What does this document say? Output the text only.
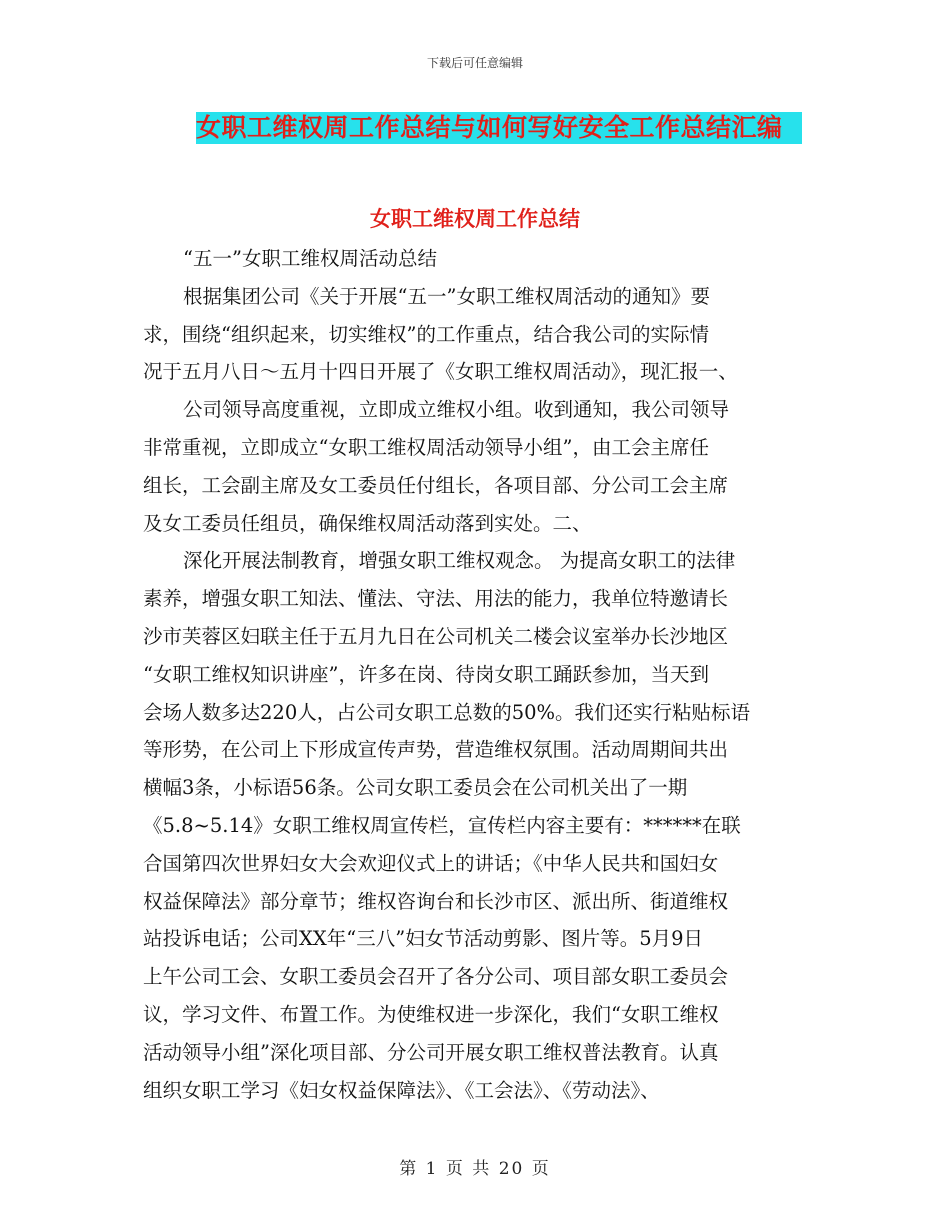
下载后可任意编辑
女职工维权周工作总结与如何写好安全工作总结汇编
女职工维权周工作总结
“五一”女职工维权周活动总结
根据集团公司《关于开展“五一”女职工维权周活动的通知》要
求，围绕“组织起来，切实维权”的工作重点，结合我公司的实际情
况于五月八日～五月十四日开展了《女职工维权周活动》，现汇报一、
公司领导高度重视，立即成立维权小组。收到通知，我公司领导
非常重视，立即成立“女职工维权周活动领导小组”，由工会主席任
组长，工会副主席及女工委员任付组长，各项目部、分公司工会主席
及女工委员任组员，确保维权周活动落到实处。二、
深化开展法制教育，增强女职工维权观念。 为提高女职工的法律
素养，增强女职工知法、懂法、守法、用法的能力，我单位特邀请长
沙市芙蓉区妇联主任于五月九日在公司机关二楼会议室举办长沙地区
“女职工维权知识讲座”，许多在岗、待岗女职工踊跃参加，当天到
会场人数多达220人，占公司女职工总数的50%。我们还实行粘贴标语
等形势，在公司上下形成宣传声势，营造维权氛围。活动周期间共出
横幅3条，小标语56条。公司女职工委员会在公司机关出了一期
《5.8~5.14》女职工维权周宣传栏，宣传栏内容主要有：******在联
合国第四次世界妇女大会欢迎仪式上的讲话；《中华人民共和国妇女
权益保障法》部分章节；维权咨询台和长沙市区、派出所、街道维权
站投诉电话；公司XX年“三八”妇女节活动剪影、图片等。5月9日
上午公司工会、女职工委员会召开了各分公司、项目部女职工委员会
议，学习文件、布置工作。为使维权进一步深化，我们“女职工维权
活动领导小组”深化项目部、分公司开展女职工维权普法教育。认真
组织女职工学习《妇女权益保障法》、《工会法》、《劳动法》、
第 1 页 共 20 页
